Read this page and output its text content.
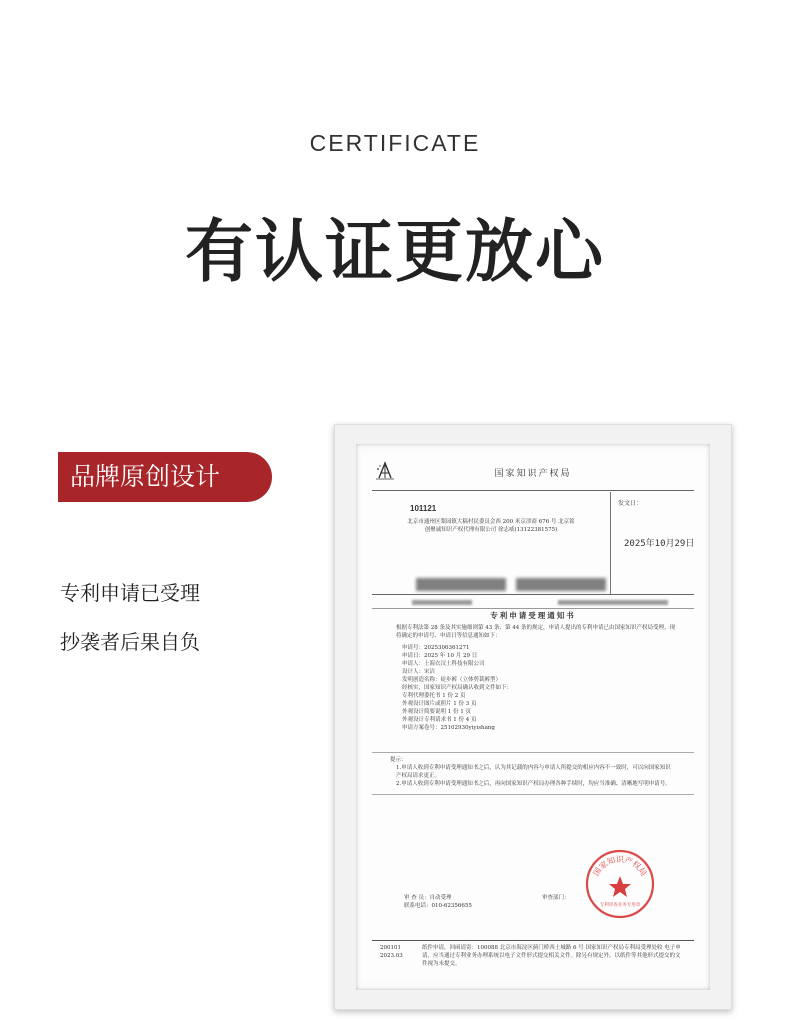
CERTIFICATE
有认证更放心
品牌原创设计
专利申请已受理
抄袭者后果自负
国家知识产权局
101121
北京市通州区梨园镇大稿村民委员会西 200 米京津商 676 号 北京铭创聚诚知识产权代理有限公司 徐志威(13122381575)
发文日：
2025年10月29日
专利申请受理通知书
根据专利法第 28 条及其实施细则第 43 条、第 44 条的规定，申请人提出的专利申请已由国家知识产权局受理。现将确定的申请号、申请日等信息通知如下：
申请号：2025306361271
申请日：2025 年 10 月 29 日
申请人：上海衣汉土科技有限公司
设计人：宋洁
发明创造名称：徒步裤（立体剪裁裤型）
经核实，国家知识产权局确认收到文件如下：
专利代理委托书 1 份 2 页
外观设计图片或照片 1 份 3 页
外观设计简要说明 1 份 1 页
外观设计专利请求书 1 份 4 页
申请方案卷号：25102930yiyishang
提示：
1.申请人收到专利申请受理通知书之后，认为其记载的内容与申请人所提交的相应内容不一致时，可以向国家知识产权局请求更正。
2.申请人收到专利申请受理通知书之后，再向国家知识产权局办理各种手续时，均应当准确、清晰地写明申请号。
审 查 员：自动受理
联系电话：010-62356655
审查部门：
国家知识产权局
专利审查业务专用章
200101 2023.03
纸件申请，回函请寄：100088 北京市海淀区蓟门桥西土城路 6 号 国家知识产权局专利局受理处收 电子申请，应当通过专利业务办理系统以电子文件形式提交相关文件。除另有规定外，以纸件等其他形式提交的文件视为未提交。
